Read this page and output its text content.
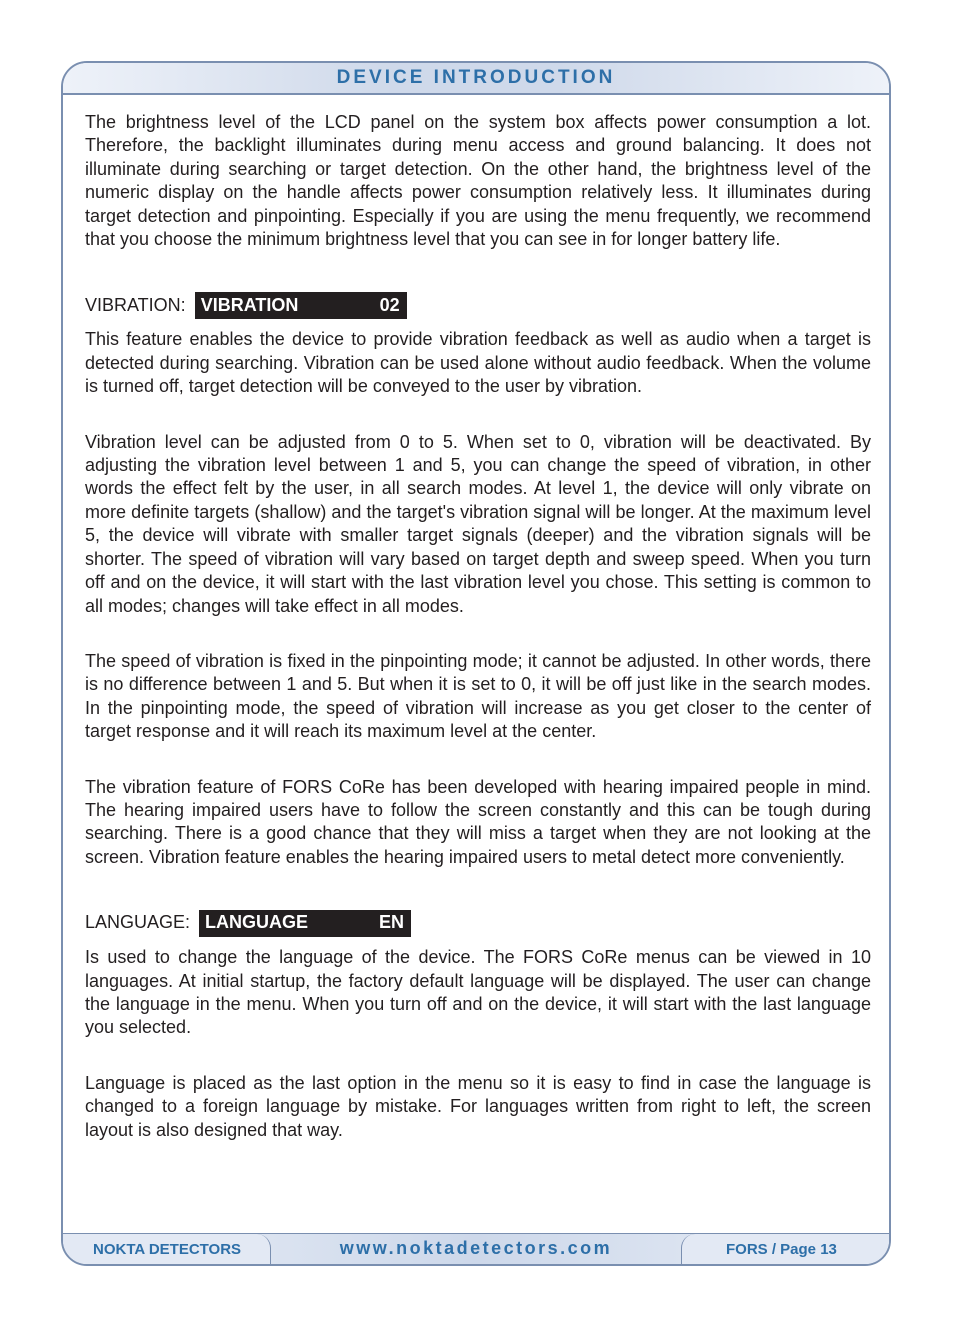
DEVICE INTRODUCTION

The brightness level of the LCD panel on the system box affects power consumption a lot. Therefore, the backlight illuminates during menu access and ground balancing. It does not illuminate during searching or target detection. On the other hand, the brightness level of the numeric display on the handle affects power consumption relatively less. It illuminates during target detection and pinpointing. Especially if you are using the menu frequently, we recommend that you choose the minimum brightness level that you can see in for longer battery life.

VIBRATION: VIBRATION	02

This feature enables the device to provide vibration feedback as well as audio when a target is detected during searching. Vibration can be used alone without audio feedback. When the volume is turned off, target detection will be conveyed to the user by vibration.

Vibration level can be adjusted from 0 to 5. When set to 0, vibration will be deactivated. By adjusting the vibration level between 1 and 5, you can change the speed of vibration, in other words the effect felt by the user, in all search modes. At level 1, the device will only vibrate on more definite targets (shallow) and the target's vibration signal will be longer. At the maximum level 5, the device will vibrate with smaller target signals (deeper) and the vibration signals will be shorter. The speed of vibration will vary based on target depth and sweep speed. When you turn off and on the device, it will start with the last vibration level you chose. This setting is common to all modes; changes will take effect in all modes.

The speed of vibration is fixed in the pinpointing mode; it cannot be adjusted. In other words, there is no difference between 1 and 5. But when it is set to 0, it will be off just like in the search modes. In the pinpointing mode, the speed of vibration will increase as you get closer to the center of target response and it will reach its maximum level at the center.

The vibration feature of FORS CoRe has been developed with hearing impaired people in mind. The hearing impaired users have to follow the screen constantly and this can be tough during searching. There is a good chance that they will miss a target when they are not looking at the screen. Vibration feature enables the hearing impaired users to metal detect more conveniently.

LANGUAGE: LANGUAGE	EN

Is used to change the language of the device. The FORS CoRe menus can be viewed in 10 languages. At initial startup, the factory default language will be displayed. The user can change the language in the menu. When you turn off and on the device, it will start with the last language you selected.

Language is placed as the last option in the menu so it is easy to find in case the language is changed to a foreign language by mistake. For languages written from right to left, the screen layout is also designed that way.

NOKTA DETECTORS	www.noktadetectors.com	FORS / Page 13
